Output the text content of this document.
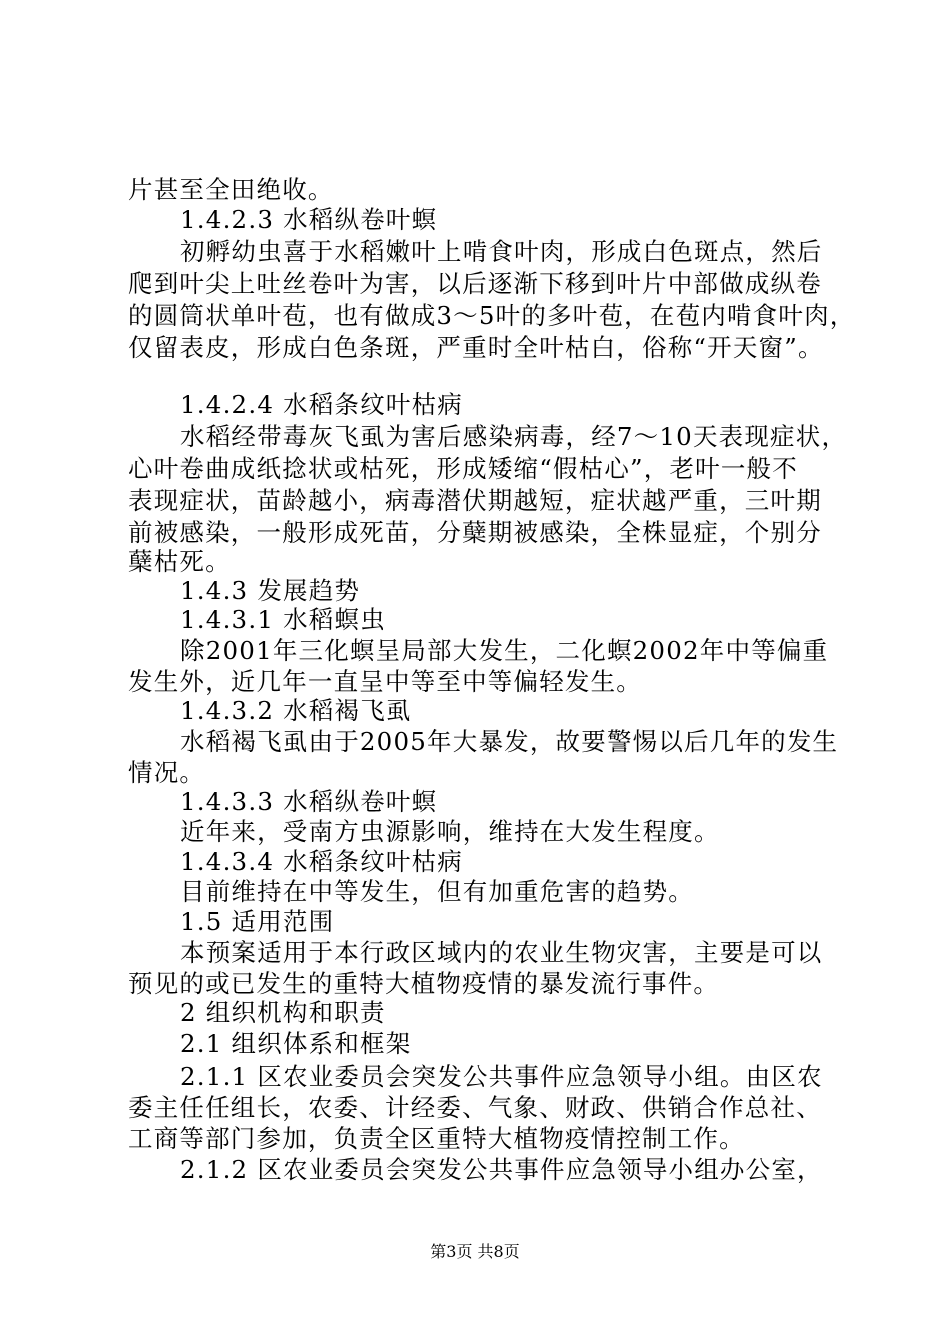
片甚至全田绝收。
1.4.2.3 水稻纵卷叶螟
初孵幼虫喜于水稻嫩叶上啃食叶肉，形成白色斑点，然后
爬到叶尖上吐丝卷叶为害，以后逐渐下移到叶片中部做成纵卷
的圆筒状单叶苞，也有做成3～5叶的多叶苞，在苞内啃食叶肉，
仅留表皮，形成白色条斑，严重时全叶枯白，俗称“开天窗”。
1.4.2.4 水稻条纹叶枯病
水稻经带毒灰飞虱为害后感染病毒，经7～10天表现症状，
心叶卷曲成纸捻状或枯死，形成矮缩“假枯心”，老叶一般不
表现症状，苗龄越小，病毒潜伏期越短，症状越严重，三叶期
前被感染，一般形成死苗，分蘖期被感染，全株显症，个别分
蘖枯死。
1.4.3 发展趋势
1.4.3.1 水稻螟虫
除2001年三化螟呈局部大发生，二化螟2002年中等偏重
发生外，近几年一直呈中等至中等偏轻发生。
1.4.3.2 水稻褐飞虱
水稻褐飞虱由于2005年大暴发，故要警惕以后几年的发生
情况。
1.4.3.3 水稻纵卷叶螟
近年来，受南方虫源影响，维持在大发生程度。
1.4.3.4 水稻条纹叶枯病
目前维持在中等发生，但有加重危害的趋势。
1.5 适用范围
本预案适用于本行政区域内的农业生物灾害，主要是可以
预见的或已发生的重特大植物疫情的暴发流行事件。
2 组织机构和职责
2.1 组织体系和框架
2.1.1 区农业委员会突发公共事件应急领导小组。由区农
委主任任组长，农委、计经委、气象、财政、供销合作总社、
工商等部门参加，负责全区重特大植物疫情控制工作。
2.1.2 区农业委员会突发公共事件应急领导小组办公室，
第3页 共8页
